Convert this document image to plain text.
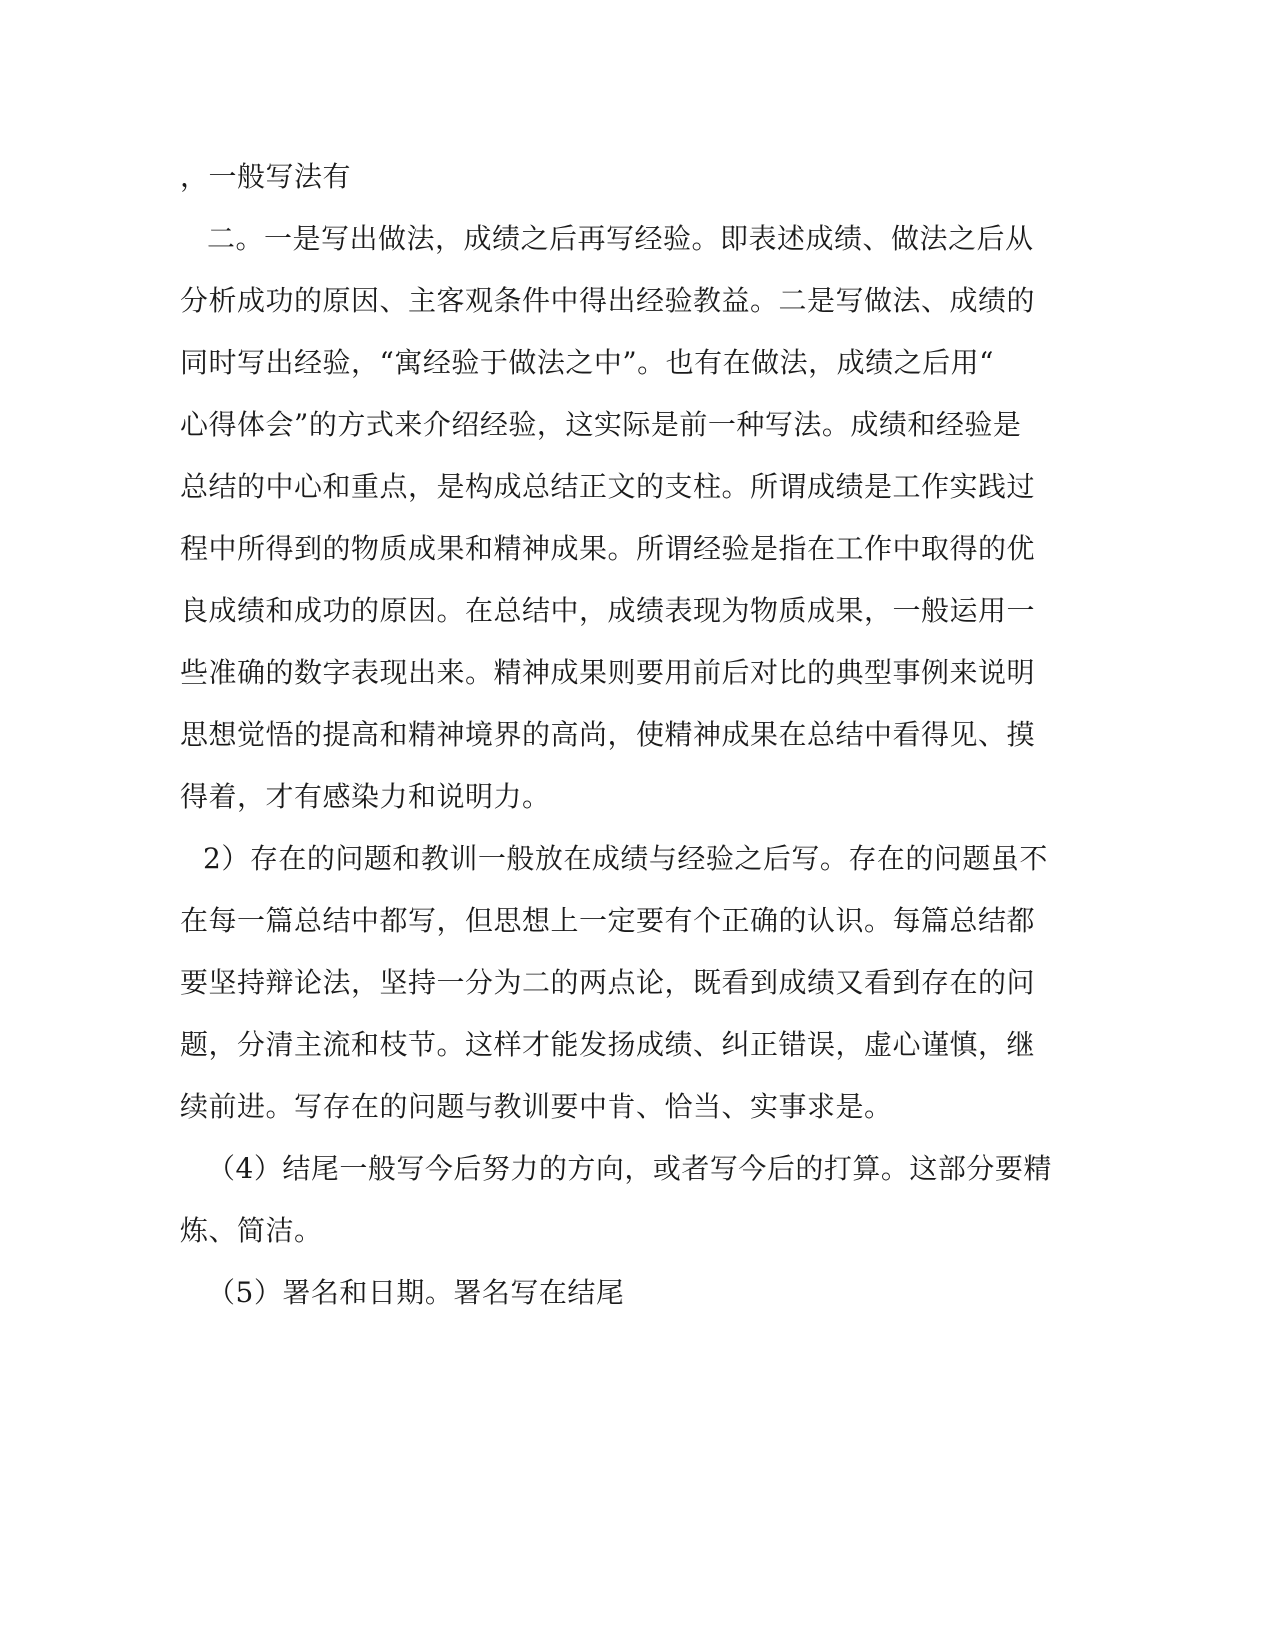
，一般写法有

二。一是写出做法，成绩之后再写经验。即表述成绩、做法之后从

分析成功的原因、主客观条件中得出经验教益。二是写做法、成绩的

同时写出经验，“寓经验于做法之中”。也有在做法，成绩之后用“

心得体会”的方式来介绍经验，这实际是前一种写法。成绩和经验是

总结的中心和重点，是构成总结正文的支柱。所谓成绩是工作实践过

程中所得到的物质成果和精神成果。所谓经验是指在工作中取得的优

良成绩和成功的原因。在总结中，成绩表现为物质成果，一般运用一

些准确的数字表现出来。精神成果则要用前后对比的典型事例来说明

思想觉悟的提高和精神境界的高尚，使精神成果在总结中看得见、摸

得着，才有感染力和说明力。

2）存在的问题和教训一般放在成绩与经验之后写。存在的问题虽不

在每一篇总结中都写，但思想上一定要有个正确的认识。每篇总结都

要坚持辩论法，坚持一分为二的两点论，既看到成绩又看到存在的问

题，分清主流和枝节。这样才能发扬成绩、纠正错误，虚心谨慎，继

续前进。写存在的问题与教训要中肯、恰当、实事求是。

（4）结尾一般写今后努力的方向，或者写今后的打算。这部分要精

炼、简洁。

（5）署名和日期。署名写在结尾
